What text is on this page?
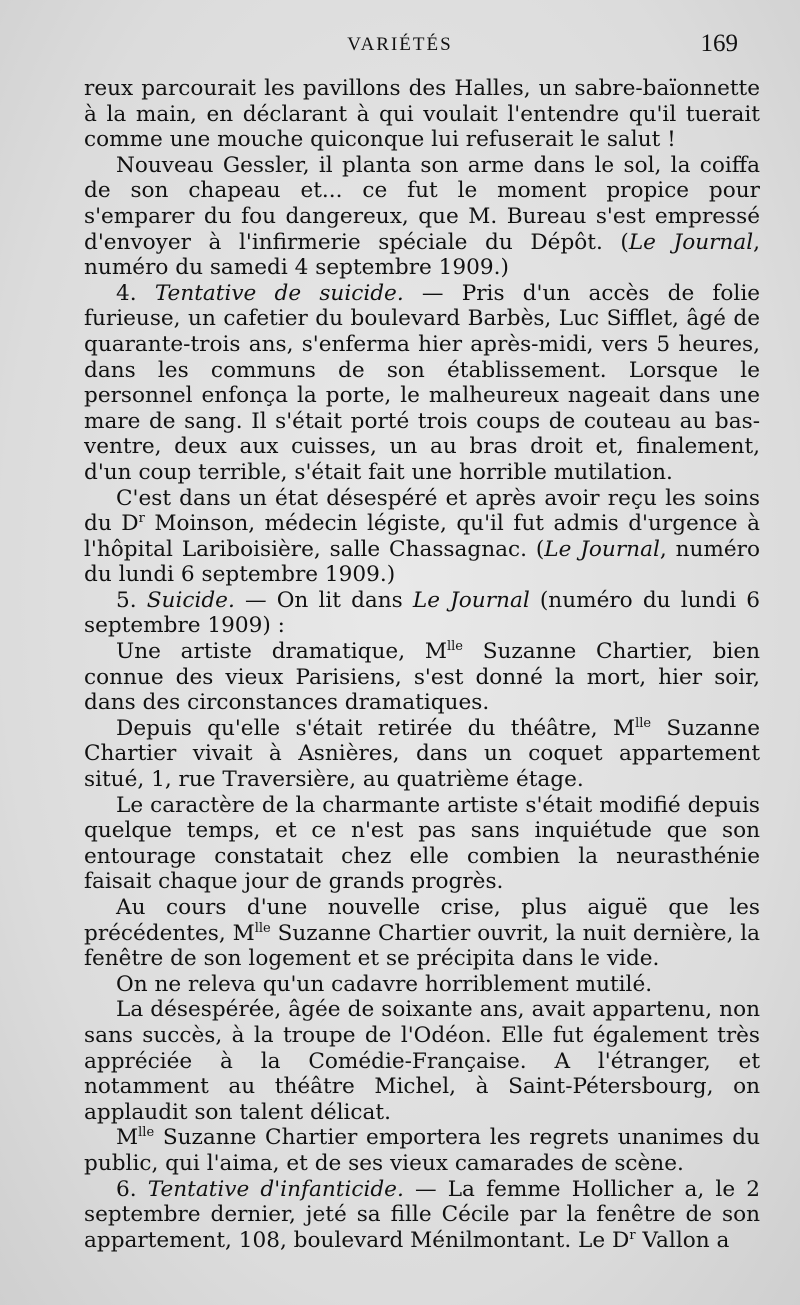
VARIÉTÉS	169

reux parcourait les pavillons des Halles, un sabre-baïonnette à la main, en déclarant à qui voulait l'entendre qu'il tuerait comme une mouche quiconque lui refuserait le salut !

Nouveau Gessler, il planta son arme dans le sol, la coiffa de son chapeau et... ce fut le moment propice pour s'emparer du fou dangereux, que M. Bureau s'est empressé d'envoyer à l'infirmerie spéciale du Dépôt. (Le Journal, numéro du samedi 4 septembre 1909.)

4. Tentative de suicide. — Pris d'un accès de folie furieuse, un cafetier du boulevard Barbès, Luc Sifflet, âgé de quarante-trois ans, s'enferma hier après-midi, vers 5 heures, dans les communs de son établissement. Lorsque le personnel enfonça la porte, le malheureux nageait dans une mare de sang. Il s'était porté trois coups de couteau au bas-ventre, deux aux cuisses, un au bras droit et, finalement, d'un coup terrible, s'était fait une horrible mutilation.

C'est dans un état désespéré et après avoir reçu les soins du $D^r$ Moinson, médecin légiste, qu'il fut admis d'urgence à l'hôpital Lariboisière, salle Chassagnac. (Le Journal, numéro du lundi 6 septembre 1909.)

5. Suicide. — On lit dans Le Journal (numéro du lundi 6 septembre 1909) :

Une artiste dramatique, $M^{lle}$ Suzanne Chartier, bien connue des vieux Parisiens, s'est donné la mort, hier soir, dans des circonstances dramatiques.

Depuis qu'elle s'était retirée du théâtre, $M^{lle}$ Suzanne Chartier vivait à Asnières, dans un coquet appartement situé, 1, rue Traversière, au quatrième étage.

Le caractère de la charmante artiste s'était modifié depuis quelque temps, et ce n'est pas sans inquiétude que son entourage constatait chez elle combien la neurasthénie faisait chaque jour de grands progrès.

Au cours d'une nouvelle crise, plus aiguë que les précédentes, $M^{lle}$ Suzanne Chartier ouvrit, la nuit dernière, la fenêtre de son logement et se précipita dans le vide.

On ne releva qu'un cadavre horriblement mutilé.

La désespérée, âgée de soixante ans, avait appartenu, non sans succès, à la troupe de l'Odéon. Elle fut également très appréciée à la Comédie-Française. A l'étranger, et notamment au théâtre Michel, à Saint-Pétersbourg, on applaudit son talent délicat.

$M^{lle}$ Suzanne Chartier emportera les regrets unanimes du public, qui l'aima, et de ses vieux camarades de scène.

6. Tentative d'infanticide. — La femme Hollicher a, le 2 septembre dernier, jeté sa fille Cécile par la fenêtre de son appartement, 108, boulevard Ménilmontant. Le $D^r$ Vallon a
